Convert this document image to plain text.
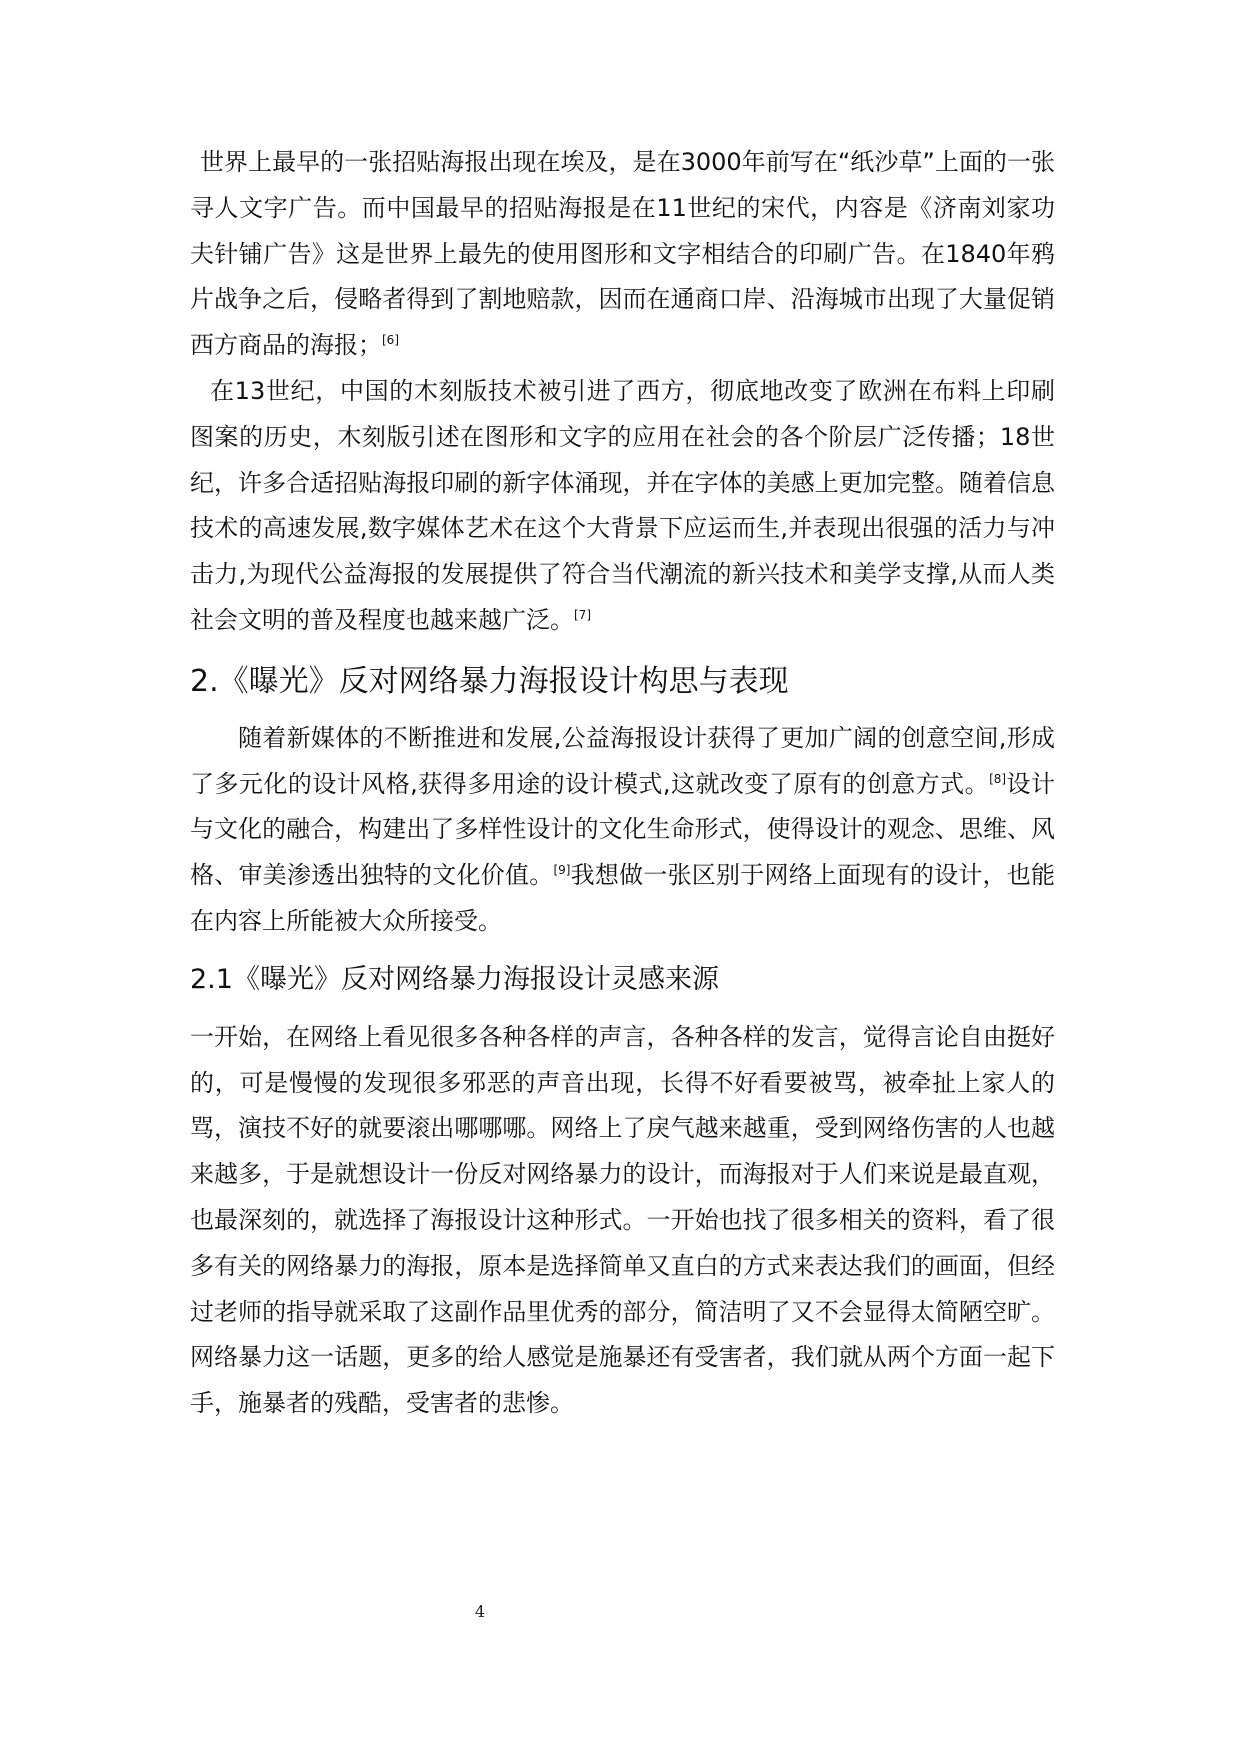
世界上最早的一张招贴海报出现在埃及，是在3000年前写在“纸沙草”上面的一张寻人文字广告。而中国最早的招贴海报是在11世纪的宋代，内容是《济南刘家功夫针铺广告》这是世界上最先的使用图形和文字相结合的印刷广告。在1840年鸦片战争之后，侵略者得到了割地赔款，因而在通商口岸、沿海城市出现了大量促销西方商品的海报；[6]

在13世纪，中国的木刻版技术被引进了西方，彻底地改变了欧洲在布料上印刷图案的历史，木刻版引述在图形和文字的应用在社会的各个阶层广泛传播；18世纪，许多合适招贴海报印刷的新字体涌现，并在字体的美感上更加完整。随着信息技术的高速发展,数字媒体艺术在这个大背景下应运而生,并表现出很强的活力与冲击力,为现代公益海报的发展提供了符合当代潮流的新兴技术和美学支撑,从而人类社会文明的普及程度也越来越广泛。[7]

2.《曝光》反对网络暴力海报设计构思与表现

随着新媒体的不断推进和发展,公益海报设计获得了更加广阔的创意空间,形成了多元化的设计风格,获得多用途的设计模式,这就改变了原有的创意方式。[8]设计与文化的融合，构建出了多样性设计的文化生命形式，使得设计的观念、思维、风格、审美渗透出独特的文化价值。[9]我想做一张区别于网络上面现有的设计，也能在内容上所能被大众所接受。

2.1《曝光》反对网络暴力海报设计灵感来源

一开始，在网络上看见很多各种各样的声言，各种各样的发言，觉得言论自由挺好的，可是慢慢的发现很多邪恶的声音出现，长得不好看要被骂，被牵扯上家人的骂，演技不好的就要滚出哪哪哪。网络上了戾气越来越重，受到网络伤害的人也越来越多，于是就想设计一份反对网络暴力的设计，而海报对于人们来说是最直观，也最深刻的，就选择了海报设计这种形式。一开始也找了很多相关的资料，看了很多有关的网络暴力的海报，原本是选择简单又直白的方式来表达我们的画面，但经过老师的指导就采取了这副作品里优秀的部分，简洁明了又不会显得太简陋空旷。网络暴力这一话题，更多的给人感觉是施暴还有受害者，我们就从两个方面一起下手，施暴者的残酷，受害者的悲惨。

4
